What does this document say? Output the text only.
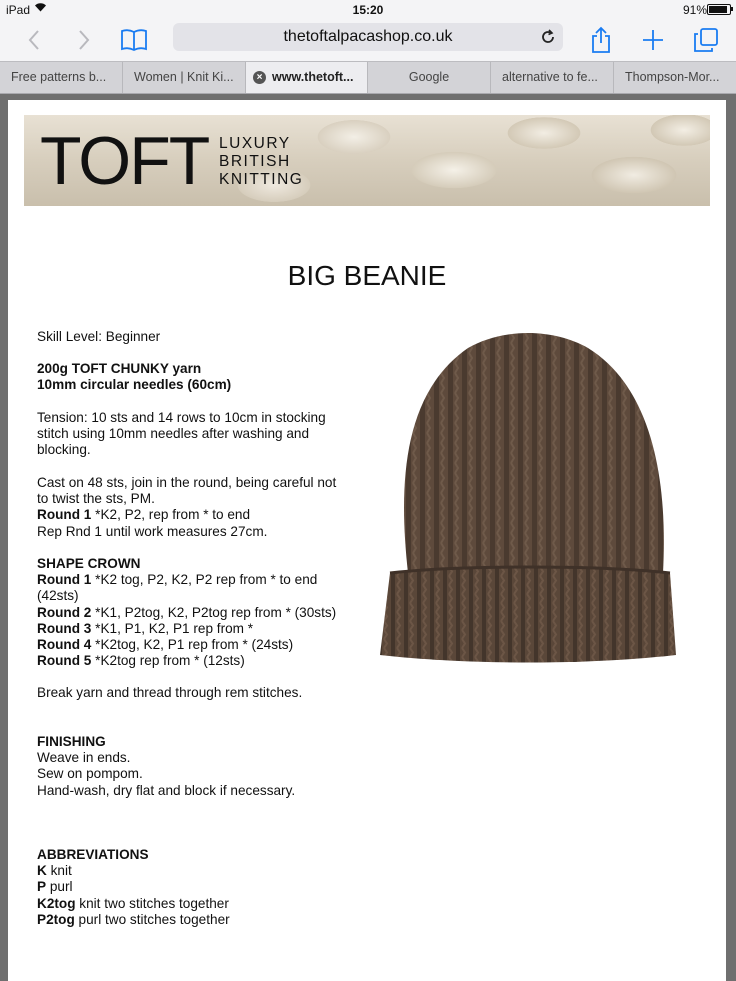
iPad	15:20	91%
thetoftalpacashop.co.uk
Free patterns b...	Women | Knit Ki...	× www.thetoft...	Google	alternative to fe...	Thompson-Mor...
TOFT LUXURY
BRITISH
KNITTING
BIG BEANIE
Skill Level: Beginner
200g TOFT CHUNKY yarn
10mm circular needles (60cm)
Tension: 10 sts and 14 rows to 10cm in stocking
stitch using 10mm needles after washing and
blocking.
Cast on 48 sts, join in the round, being careful not
to twist the sts, PM.
Round 1 *K2, P2, rep from * to end
Rep Rnd 1 until work measures 27cm.
SHAPE CROWN
Round 1 *K2 tog, P2, K2, P2 rep from * to end
(42sts)
Round 2 *K1, P2tog, K2, P2tog rep from * (30sts)
Round 3 *K1, P1, K2, P1 rep from *
Round 4 *K2tog, K2, P1 rep from * (24sts)
Round 5 *K2tog rep from * (12sts)
Break yarn and thread through rem stitches.
FINISHING
Weave in ends.
Sew on pompom.
Hand-wash, dry flat and block if necessary.
ABBREVIATIONS
K knit
P purl
K2tog knit two stitches together
P2tog purl two stitches together
